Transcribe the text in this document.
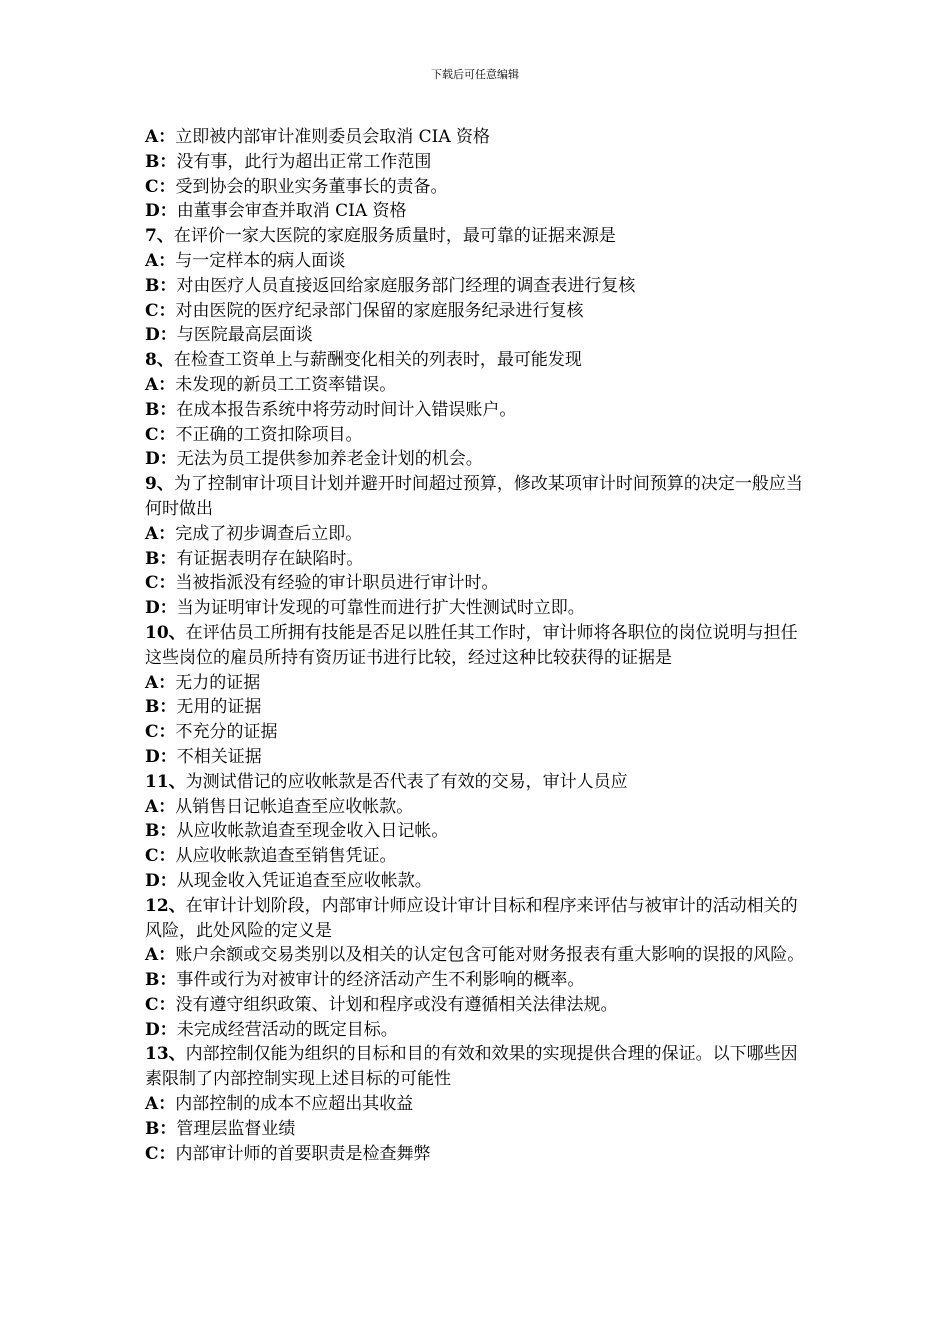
下载后可任意编辑

A：立即被内部审计准则委员会取消 CIA 资格

B：没有事，此行为超出正常工作范围

C：受到协会的职业实务董事长的责备。

D：由董事会审查并取消 CIA 资格

7、在评价一家大医院的家庭服务质量时，最可靠的证据来源是

A：与一定样本的病人面谈

B：对由医疗人员直接返回给家庭服务部门经理的调查表进行复核

C：对由医院的医疗纪录部门保留的家庭服务纪录进行复核

D：与医院最高层面谈

8、在检查工资单上与薪酬变化相关的列表时，最可能发现

A：未发现的新员工工资率错误。

B：在成本报告系统中将劳动时间计入错误账户。

C：不正确的工资扣除项目。

D：无法为员工提供参加养老金计划的机会。

9、为了控制审计项目计划并避开时间超过预算，修改某项审计时间预算的决定一般应当何时做出

A：完成了初步调查后立即。

B：有证据表明存在缺陷时。

C：当被指派没有经验的审计职员进行审计时。

D：当为证明审计发现的可靠性而进行扩大性测试时立即。

10、在评估员工所拥有技能是否足以胜任其工作时，审计师将各职位的岗位说明与担任这些岗位的雇员所持有资历证书进行比较，经过这种比较获得的证据是

A：无力的证据

B：无用的证据

C：不充分的证据

D：不相关证据

11、为测试借记的应收帐款是否代表了有效的交易，审计人员应

A：从销售日记帐追查至应收帐款。

B：从应收帐款追查至现金收入日记帐。

C：从应收帐款追查至销售凭证。

D：从现金收入凭证追查至应收帐款。

12、在审计计划阶段，内部审计师应设计审计目标和程序来评估与被审计的活动相关的风险，此处风险的定义是

A：账户余额或交易类别以及相关的认定包含可能对财务报表有重大影响的误报的风险。

B：事件或行为对被审计的经济活动产生不利影响的概率。

C：没有遵守组织政策、计划和程序或没有遵循相关法律法规。

D：未完成经营活动的既定目标。

13、内部控制仅能为组织的目标和目的有效和效果的实现提供合理的保证。以下哪些因素限制了内部控制实现上述目标的可能性

A：内部控制的成本不应超出其收益

B：管理层监督业绩

C：内部审计师的首要职责是检查舞弊
